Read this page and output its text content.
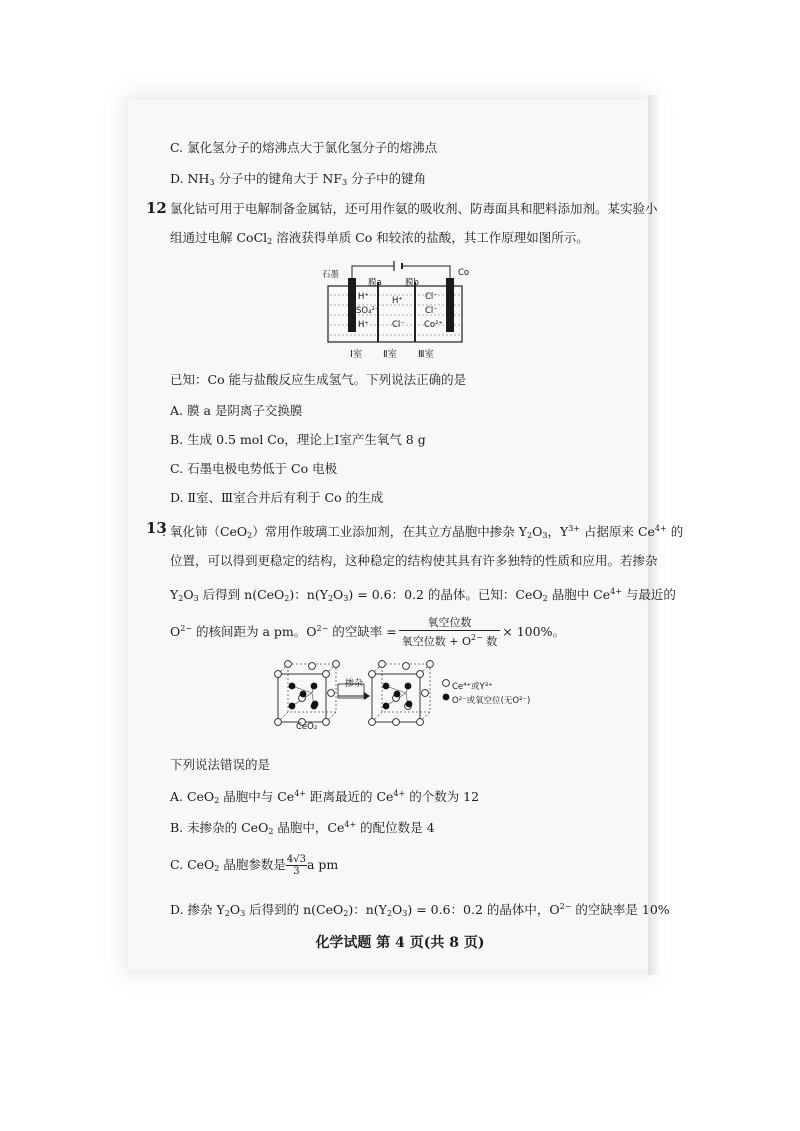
C. 氯化氢分子的熔沸点大于氯化氢分子的熔沸点
D. $NH_3$ 分子中的键角大于 $NF_3$ 分子中的键角
12
. 氯化钴可用于电解制备金属钴，还可用作氨的吸收剂、防毒面具和肥料添加剂。某实验小
组通过电解 CoCl$_2$ 溶液获得单质 Co 和较浓的盐酸，其工作原理如图所示。
石墨	Co
膜a	膜b
H⁺
SO₄²⁻
H⁺
H⁺
Cl⁻
Cl⁻
Cl⁻
Co²⁺
Ⅰ室 Ⅱ室 Ⅲ室
已知：Co 能与盐酸反应生成氢气。下列说法正确的是
A. 膜 a 是阴离子交换膜
B. 生成 0.5 mol Co，理论上Ⅰ室产生氧气 8 g
C. 石墨电极电势低于 Co 电极
D. Ⅱ室、Ⅲ室合并后有利于 Co 的生成
13
. 氧化铈（CeO$_2$）常用作玻璃工业添加剂，在其立方晶胞中掺杂 $Y_2O_3$，$Y^{3+}$ 占据原来 $Ce^{4+}$ 的
位置，可以得到更稳定的结构，这种稳定的结构使其具有许多独特的性质和应用。若掺杂
$Y_2O_3$ 后得到 n(CeO$_2$)：$n(Y_2O_3) = 0.6$：0.2 的晶体。已知：CeO$_2$ 晶胞中 $Ce^{4+}$ 与最近的
$O^{2-}$ 的核间距为 a pm。$O^{2-}$ 的空缺率 = $\frac{\text{氧空位数}}{氧空位数 + O^{2-} 数} \times 100\%$。
掺杂
CeO₂
Ce⁴⁺或Y³⁺
O²⁻或氧空位(无O²⁻)
下列说法错误的是
A. CeO$_2$ 晶胞中与 $Ce^{4+}$ 距离最近的 $Ce^{4+}$ 的个数为 12
B. 未掺杂的 CeO$_2$ 晶胞中，$Ce^{4+}$ 的配位数是 4
C. CeO$_2$ 晶胞参数是 $\frac{4√3}{3}$ a pm
D. 掺杂 $Y_2O_3$ 后得到的 n(CeO$_2$)：$n(Y_2O_3) = 0.6$：0.2 的晶体中，$O^{2-}$ 的空缺率是 10%
化学试题 第 4 页(共 8 页)
